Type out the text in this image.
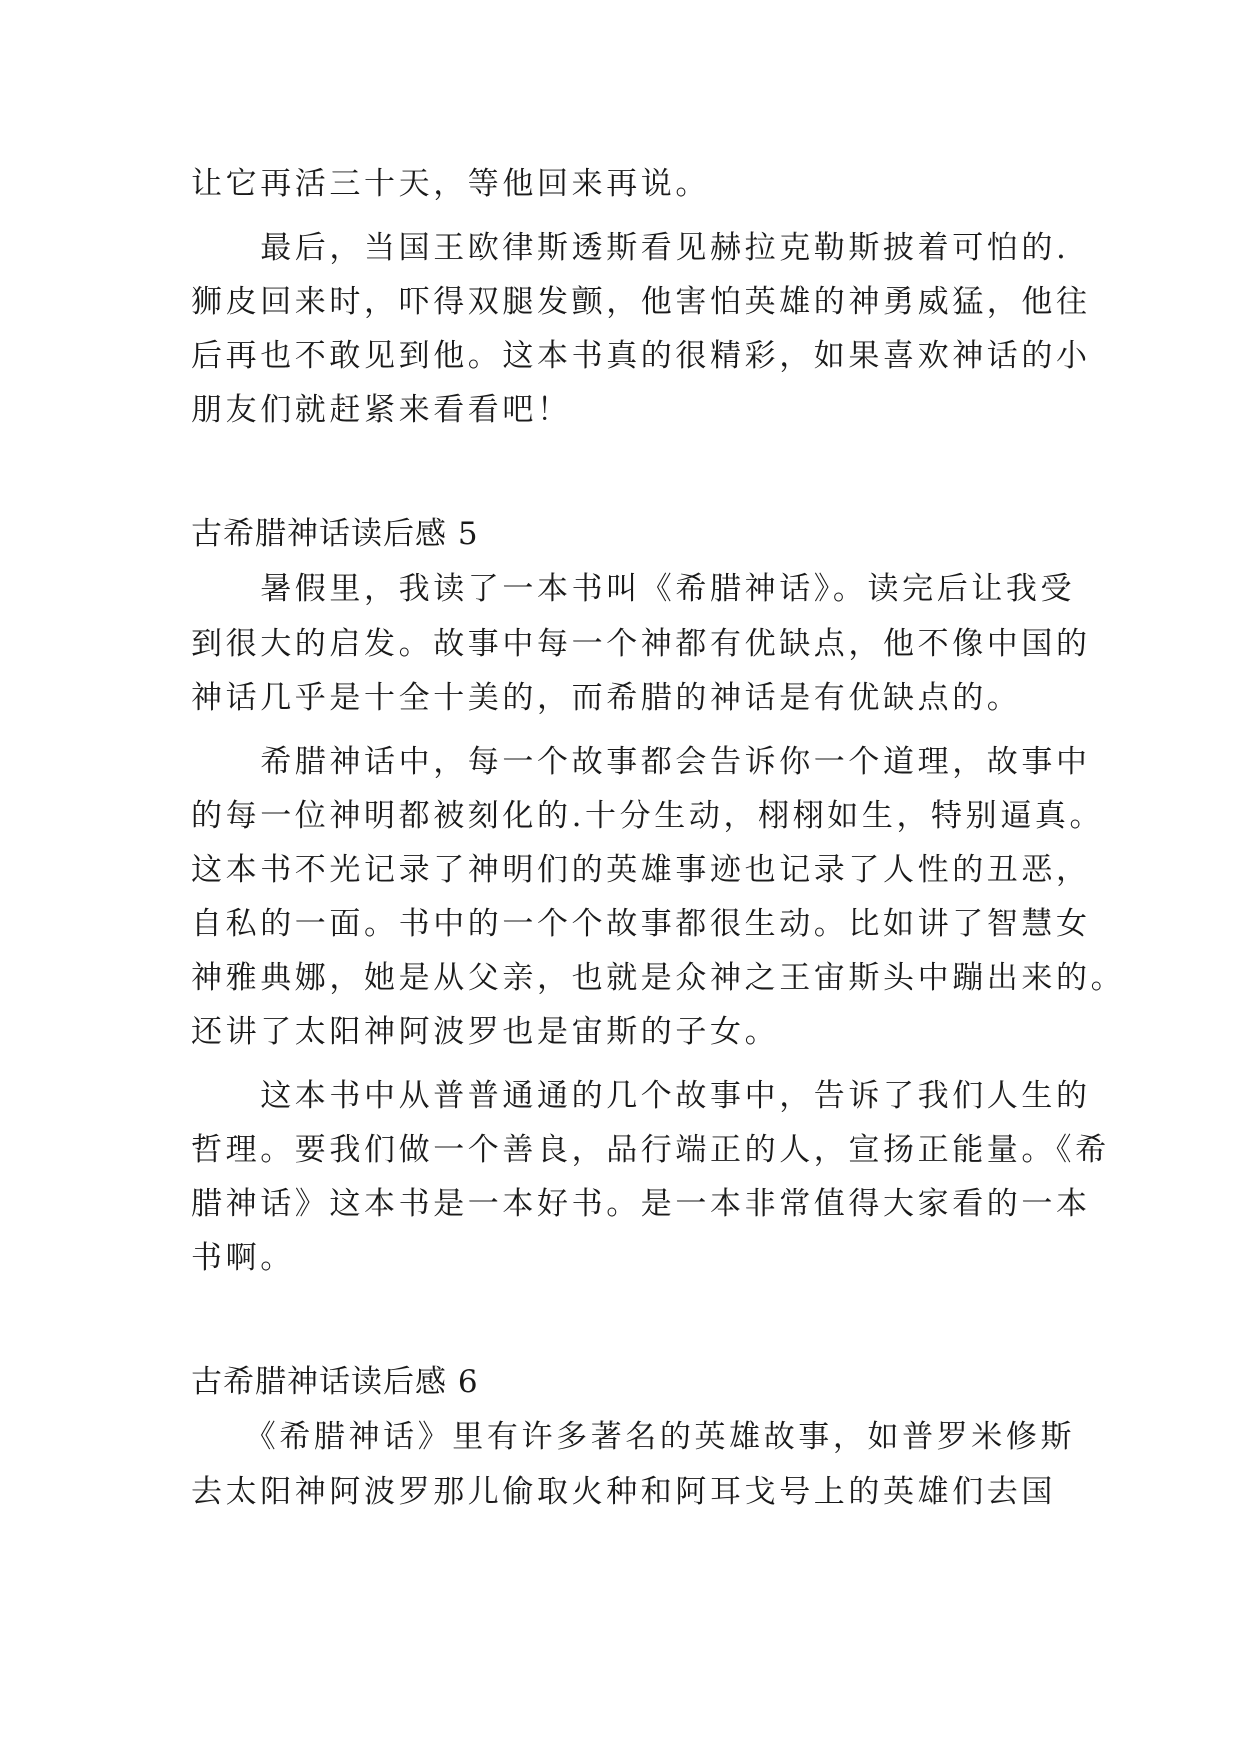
让它再活三十天，等他回来再说。
　　最后，当国王欧律斯透斯看见赫拉克勒斯披着可怕的.
狮皮回来时，吓得双腿发颤，他害怕英雄的神勇威猛，他往
后再也不敢见到他。这本书真的很精彩，如果喜欢神话的小
朋友们就赶紧来看看吧！
古希腊神话读后感 5
　　暑假里，我读了一本书叫《希腊神话》。读完后让我受
到很大的启发。故事中每一个神都有优缺点，他不像中国的
神话几乎是十全十美的，而希腊的神话是有优缺点的。
　　希腊神话中，每一个故事都会告诉你一个道理，故事中
的每一位神明都被刻化的.十分生动，栩栩如生，特别逼真。
这本书不光记录了神明们的英雄事迹也记录了人性的丑恶，
自私的一面。书中的一个个故事都很生动。比如讲了智慧女
神雅典娜，她是从父亲，也就是众神之王宙斯头中蹦出来的。
还讲了太阳神阿波罗也是宙斯的子女。
　　这本书中从普普通通的几个故事中，告诉了我们人生的
哲理。要我们做一个善良，品行端正的人，宣扬正能量。《希
腊神话》这本书是一本好书。是一本非常值得大家看的一本
书啊。
古希腊神话读后感 6
　　《希腊神话》里有许多著名的英雄故事，如普罗米修斯
去太阳神阿波罗那儿偷取火种和阿耳戈号上的英雄们去国
